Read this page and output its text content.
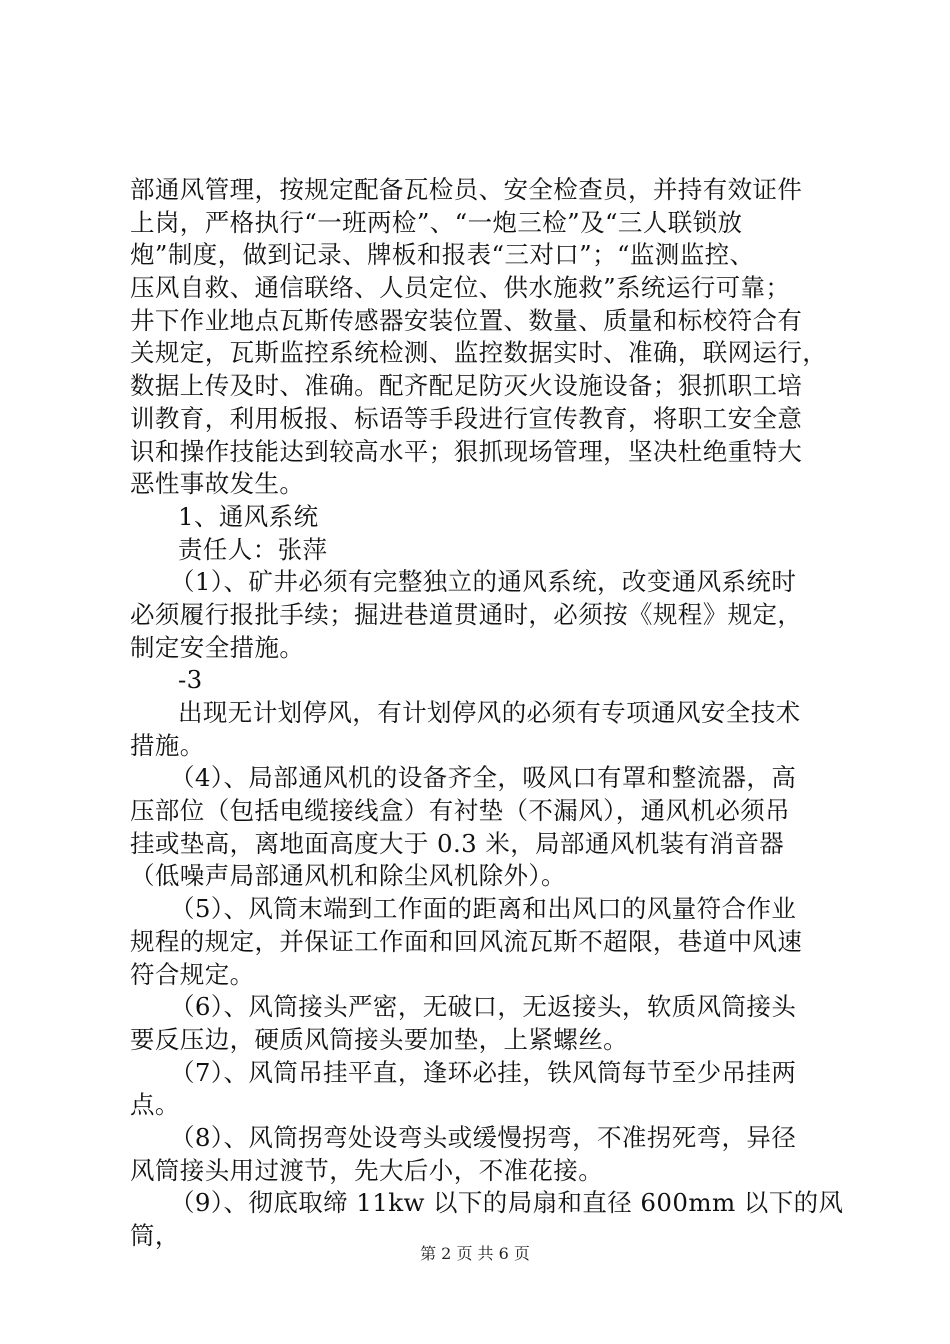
部通风管理，按规定配备瓦检员、安全检查员，并持有效证件
上岗，严格执行“一班两检”、“一炮三检”及“三人联锁放
炮”制度，做到记录、牌板和报表“三对口”；“监测监控、
压风自救、通信联络、人员定位、供水施救”系统运行可靠；
井下作业地点瓦斯传感器安装位置、数量、质量和标校符合有
关规定，瓦斯监控系统检测、监控数据实时、准确，联网运行，
数据上传及时、准确。配齐配足防灭火设施设备；狠抓职工培
训教育，利用板报、标语等手段进行宣传教育，将职工安全意
识和操作技能达到较高水平；狠抓现场管理，坚决杜绝重特大
恶性事故发生。
1、通风系统
责任人：张萍
（1）、矿井必须有完整独立的通风系统，改变通风系统时
必须履行报批手续；掘进巷道贯通时，必须按《规程》规定，
制定安全措施。
-3
出现无计划停风，有计划停风的必须有专项通风安全技术
措施。
（4）、局部通风机的设备齐全，吸风口有罩和整流器，高
压部位（包括电缆接线盒）有衬垫（不漏风），通风机必须吊
挂或垫高，离地面高度大于 0.3 米，局部通风机装有消音器
（低噪声局部通风机和除尘风机除外）。
（5）、风筒末端到工作面的距离和出风口的风量符合作业
规程的规定，并保证工作面和回风流瓦斯不超限，巷道中风速
符合规定。
（6）、风筒接头严密，无破口，无返接头，软质风筒接头
要反压边，硬质风筒接头要加垫，上紧螺丝。
（7）、风筒吊挂平直，逢环必挂，铁风筒每节至少吊挂两
点。
（8）、风筒拐弯处设弯头或缓慢拐弯，不准拐死弯，异径
风筒接头用过渡节，先大后小，不准花接。
（9）、彻底取缔 11kw 以下的局扇和直径 600mm 以下的风
筒，
第 2 页 共 6 页
